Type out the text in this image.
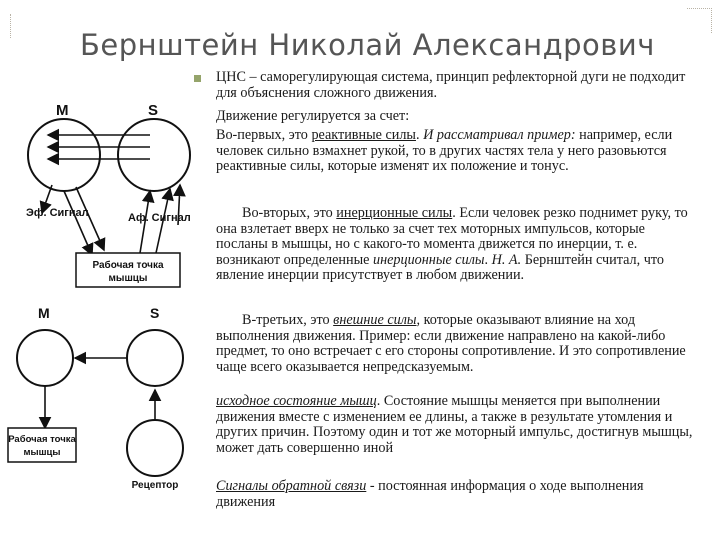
Бернштейн Николай Александрович
ЦНС – саморегулирующая система, принцип рефлекторной дуги не подходит для объяснения сложного движения.
Движение регулируется за счет:
Во-первых, это реактивные силы. И рассматривал пример: например, если человек сильно взмахнет рукой, то в других частях тела у него разовьются реактивные силы, которые изменят их положение и тонус.
Во-вторых, это инерционные силы. Если человек резко поднимет руку, то она взлетает вверх не только за счет тех моторных импульсов, которые посланы в мышцы, но с какого-то момента движется по инерции, т. е. возникают определенные инерционные силы. Н. А. Бернштейн считал, что явление инерции присутствует в любом движении.
В-третьих, это внешние силы, которые оказывают влияние на ход выполнения движения. Пример: если движение направлено на какой-либо предмет, то оно встречает с его стороны сопротивление. И это сопротивление чаще всего оказывается непредсказуемым.
исходное состояние мышц. Состояние мышцы меняется при выполнении движения вместе с изменением ее длины, а также в результате утомления и других причин. Поэтому один и тот же моторный импульс, достигнув мышцы, может дать совершенно иной
Сигналы обратной связи - постоянная информация о ходе выполнения движения
М	S
Эф. Сигнал	Аф. Сигнал
Рабочая точка
мышцы
М	S
Рабочая точка
мышцы
Рецептор
